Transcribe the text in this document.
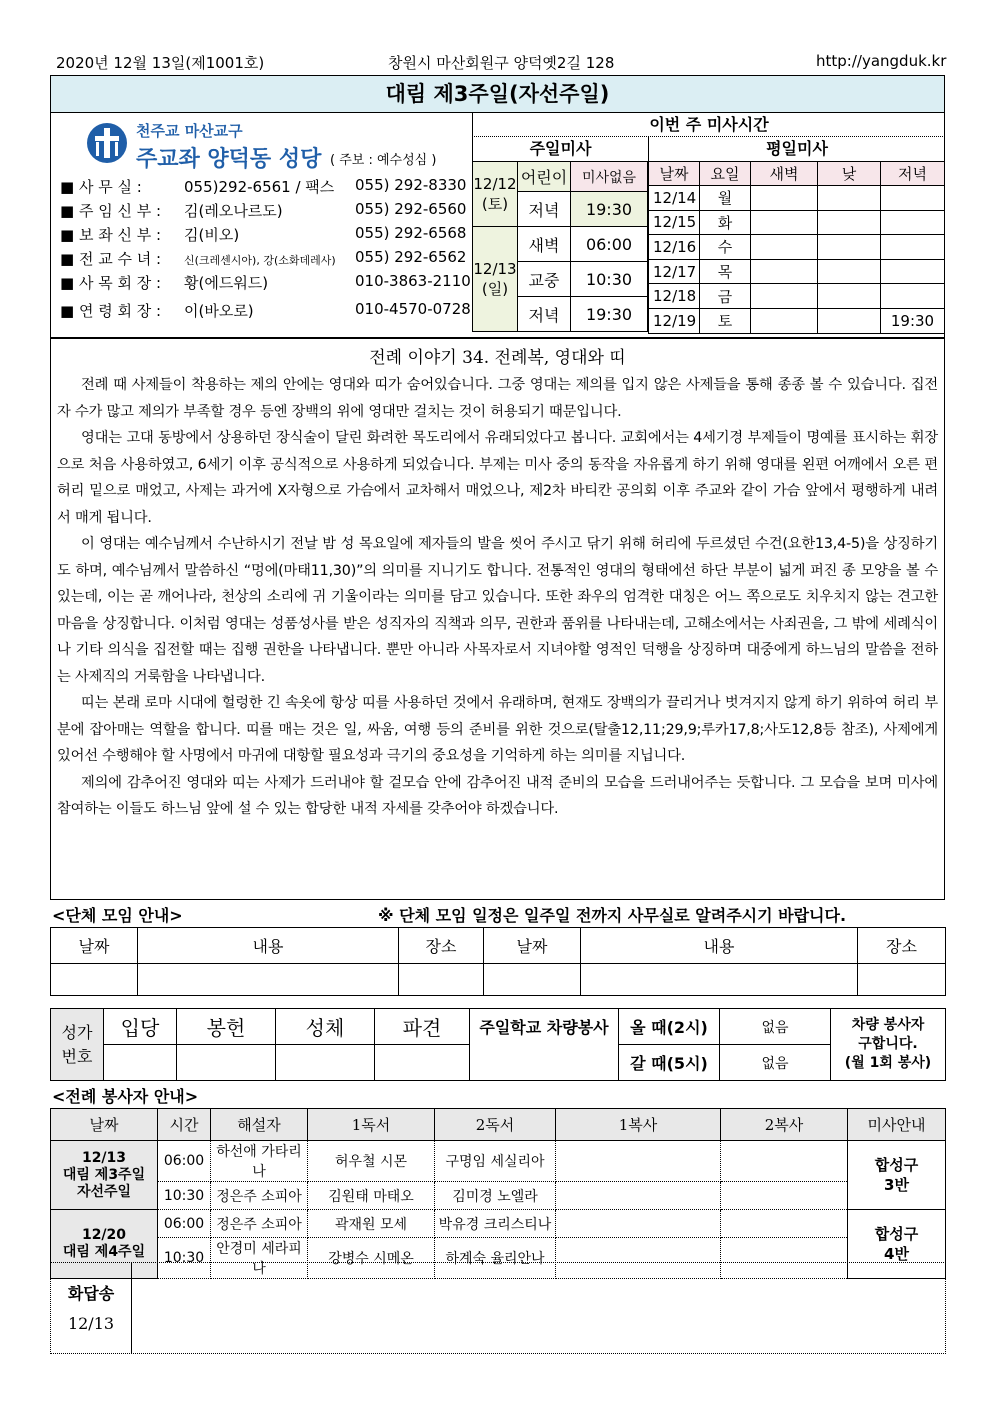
2020년 12월 13일(제1001호)	창원시 마산회원구 양덕옛2길 128	http://yangduk.kr
대림 제3주일(자선주일)
천주교 마산교구
주교좌 양덕동 성당 ( 주보 : 예수성심 )
■ 사 무 실 :	055)292-6561 / 팩스 055) 292-8330
■ 주 임 신 부 : 김(레오나르도)	055) 292-6560
■ 보 좌 신 부 : 김(비오)	055) 292-6568
■ 전 교 수 녀 : 신(크레센시아), 강(소화데레사) 055) 292-6562
■ 사 목 회 장 : 황(에드워드)	010-3863-2110
■ 연 령 회 장 : 이(바오로)	010-4570-0728
이번 주 미사시간
주일미사	평일미사
12/12
(토)	어린이	미사없음
	저녁	19:30
12/13
(일)	새벽	06:00
	교중	10:30
	저녁	19:30
날짜	요일	새벽	낮	저녁
12/14	월			
12/15	화			
12/16	수			
12/17	목			
12/18	금			
12/19	토			19:30
전례 이야기 34. 전례복, 영대와 띠
전례 때 사제들이 착용하는 제의 안에는 영대와 띠가 숨어있습니다. 그중 영대는 제의를 입지 않은 사제들을 통해 종종 볼 수 있습니다. 집전자 수가 많고 제의가 부족할 경우 등엔 장백의 위에 영대만 걸치는 것이 허용되기 때문입니다.
영대는 고대 동방에서 상용하던 장식술이 달린 화려한 목도리에서 유래되었다고 봅니다. 교회에서는 4세기경 부제들이 명예를 표시하는 휘장으로 처음 사용하였고, 6세기 이후 공식적으로 사용하게 되었습니다. 부제는 미사 중의 동작을 자유롭게 하기 위해 영대를 왼편 어깨에서 오른 편 허리 밑으로 매었고, 사제는 과거에 X자형으로 가슴에서 교차해서 매었으나, 제2차 바티칸 공의회 이후 주교와 같이 가슴 앞에서 평행하게 내려서 매게 됩니다.
이 영대는 예수님께서 수난하시기 전날 밤 성 목요일에 제자들의 발을 씻어 주시고 닦기 위해 허리에 두르셨던 수건(요한13,4-5)을 상징하기도 하며, 예수님께서 말씀하신 “멍에(마태11,30)”의 의미를 지니기도 합니다. 전통적인 영대의 형태에선 하단 부분이 넓게 퍼진 종 모양을 볼 수 있는데, 이는 곧 깨어나라, 천상의 소리에 귀 기울이라는 의미를 담고 있습니다. 또한 좌우의 엄격한 대칭은 어느 쪽으로도 치우치지 않는 견고한 마음을 상징합니다. 이처럼 영대는 성품성사를 받은 성직자의 직책과 의무, 권한과 품위를 나타내는데, 고해소에서는 사죄권을, 그 밖에 세례식이나 기타 의식을 집전할 때는 집행 권한을 나타냅니다. 뿐만 아니라 사목자로서 지녀야할 영적인 덕행을 상징하며 대중에게 하느님의 말씀을 전하는 사제직의 거룩함을 나타냅니다.
띠는 본래 로마 시대에 헐렁한 긴 속옷에 항상 띠를 사용하던 것에서 유래하며, 현재도 장백의가 끌리거나 벗겨지지 않게 하기 위하여 허리 부분에 잡아매는 역할을 합니다. 띠를 매는 것은 일, 싸움, 여행 등의 준비를 위한 것으로(탈출12,11;29,9;루카17,8;사도12,8등 참조), 사제에게 있어선 수행해야 할 사명에서 마귀에 대항할 필요성과 극기의 중요성을 기억하게 하는 의미를 지닙니다.
제의에 감추어진 영대와 띠는 사제가 드러내야 할 겉모습 안에 감추어진 내적 준비의 모습을 드러내어주는 듯합니다. 그 모습을 보며 미사에 참여하는 이들도 하느님 앞에 설 수 있는 합당한 내적 자세를 갖추어야 하겠습니다.
<단체 모임 안내>	※ 단체 모임 일정은 일주일 전까지 사무실로 알려주시기 바랍니다.
날짜	내용	장소	날짜	내용	장소

성가
번호	입당	봉헌	성체	파견	주일학교 차량봉사	올 때(2시)	없음	차량 봉사자
구합니다.
(월 1회 봉사)
						갈 때(5시)	없음	
<전례 봉사자 안내>
날짜	시간	해설자	1독서	2독서	1복사	2복사	미사안내
12/13
대림 제3주일
자선주일	06:00	하선애 가타리나	허우철 시몬	구명임 세실리아			합성구
3반
	10:30	정은주 소피아	김원태 마태오	김미경 노엘라			
12/20
대림 제4주일	06:00	정은주 소피아	곽재원 모세	박유경 크리스티나			합성구
4반
	10:30	안경미 세라피나	강병수 시메온	하계숙 율리안나			
화답송
12/13
